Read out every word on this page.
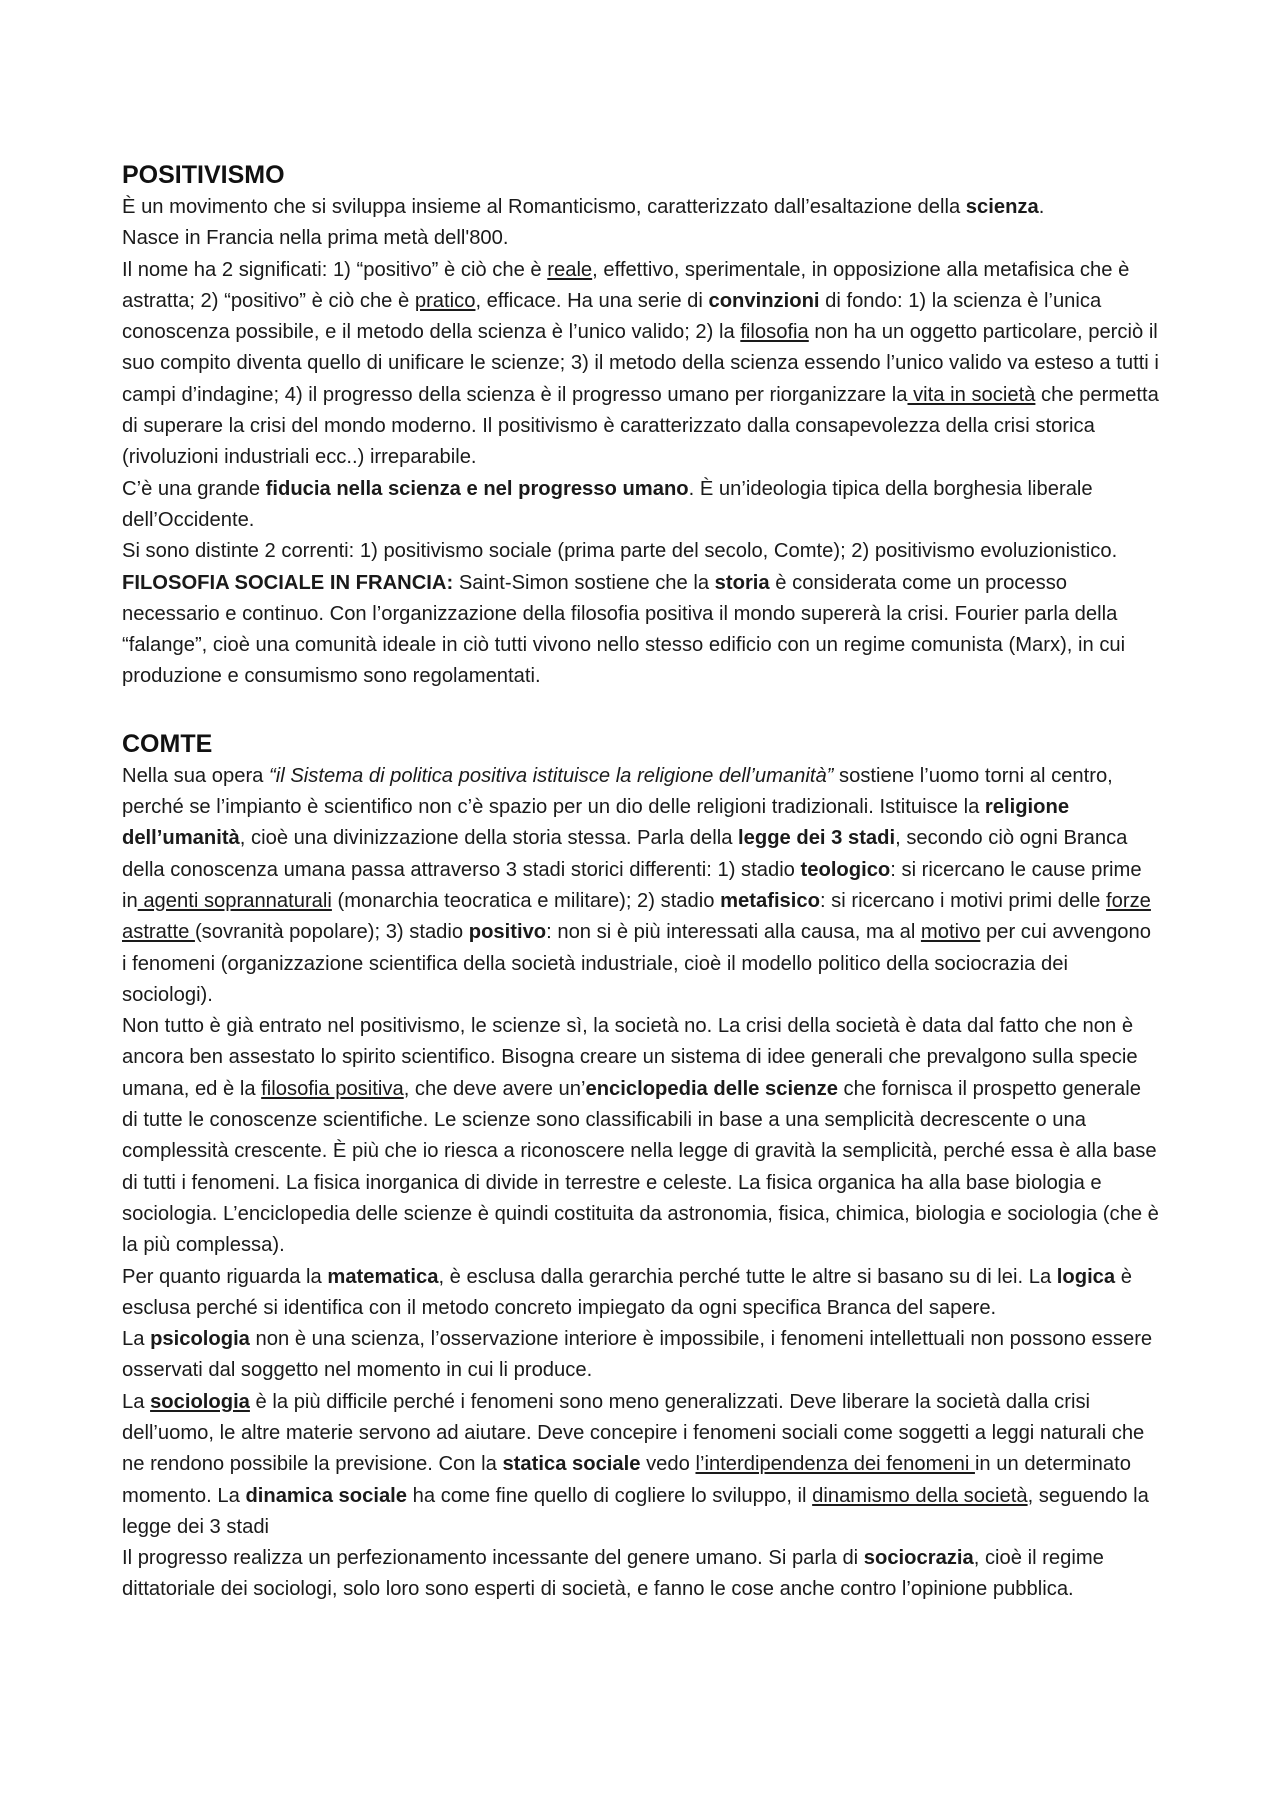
POSITIVISMO

È un movimento che si sviluppa insieme al Romanticismo, caratterizzato dall’esaltazione della scienza.

Nasce in Francia nella prima metà dell'800.

Il nome ha 2 significati: 1) “positivo” è ciò che è reale, effettivo, sperimentale, in opposizione alla metafisica che è astratta; 2) “positivo” è ciò che è pratico, efficace. Ha una serie di convinzioni di fondo: 1) la scienza è l’unica conoscenza possibile, e il metodo della scienza è l’unico valido; 2) la filosofia non ha un oggetto particolare, perciò il suo compito diventa quello di unificare le scienze; 3) il metodo della scienza essendo l’unico valido va esteso a tutti i campi d’indagine; 4) il progresso della scienza è il progresso umano per riorganizzare la vita in società che permetta di superare la crisi del mondo moderno. Il positivismo è caratterizzato dalla consapevolezza della crisi storica (rivoluzioni industriali ecc..) irreparabile.

C’è una grande fiducia nella scienza e nel progresso umano. È un’ideologia tipica della borghesia liberale dell’Occidente.

Si sono distinte 2 correnti: 1) positivismo sociale (prima parte del secolo, Comte); 2) positivismo evoluzionistico.

FILOSOFIA SOCIALE IN FRANCIA: Saint-Simon sostiene che la storia è considerata come un processo necessario e continuo. Con l’organizzazione della filosofia positiva il mondo supererà la crisi. Fourier parla della “falange”, cioè una comunità ideale in ciò tutti vivono nello stesso edificio con un regime comunista (Marx), in cui produzione e consumismo sono regolamentati.

COMTE

Nella sua opera “il Sistema di politica positiva istituisce la religione dell’umanità” sostiene l’uomo torni al centro, perché se l’impianto è scientifico non c’è spazio per un dio delle religioni tradizionali. Istituisce la religione dell’umanità, cioè una divinizzazione della storia stessa. Parla della legge dei 3 stadi, secondo ciò ogni Branca della conoscenza umana passa attraverso 3 stadi storici differenti: 1) stadio teologico: si ricercano le cause prime in agenti soprannaturali (monarchia teocratica e militare); 2) stadio metafisico: si ricercano i motivi primi delle forze astratte (sovranità popolare); 3) stadio positivo: non si è più interessati alla causa, ma al motivo per cui avvengono i fenomeni (organizzazione scientifica della società industriale, cioè il modello politico della sociocrazia dei sociologi).

Non tutto è già entrato nel positivismo, le scienze sì, la società no. La crisi della società è data dal fatto che non è ancora ben assestato lo spirito scientifico. Bisogna creare un sistema di idee generali che prevalgono sulla specie umana, ed è la filosofia positiva, che deve avere un’enciclopedia delle scienze che fornisca il prospetto generale di tutte le conoscenze scientifiche. Le scienze sono classificabili in base a una semplicità decrescente o una complessità crescente. È più che io riesca a riconoscere nella legge di gravità la semplicità, perché essa è alla base di tutti i fenomeni. La fisica inorganica di divide in terrestre e celeste. La fisica organica ha alla base biologia e sociologia. L’enciclopedia delle scienze è quindi costituita da astronomia, fisica, chimica, biologia e sociologia (che è la più complessa).

Per quanto riguarda la matematica, è esclusa dalla gerarchia perché tutte le altre si basano su di lei. La logica è esclusa perché si identifica con il metodo concreto impiegato da ogni specifica Branca del sapere.

La psicologia non è una scienza, l’osservazione interiore è impossibile, i fenomeni intellettuali non possono essere osservati dal soggetto nel momento in cui li produce.

La sociologia è la più difficile perché i fenomeni sono meno generalizzati. Deve liberare la società dalla crisi dell’uomo, le altre materie servono ad aiutare. Deve concepire i fenomeni sociali come soggetti a leggi naturali che ne rendono possibile la previsione. Con la statica sociale vedo l’interdipendenza dei fenomeni in un determinato momento. La dinamica sociale ha come fine quello di cogliere lo sviluppo, il dinamismo della società, seguendo la legge dei 3 stadi

Il progresso realizza un perfezionamento incessante del genere umano. Si parla di sociocrazia, cioè il regime dittatoriale dei sociologi, solo loro sono esperti di società, e fanno le cose anche contro l’opinione pubblica.
